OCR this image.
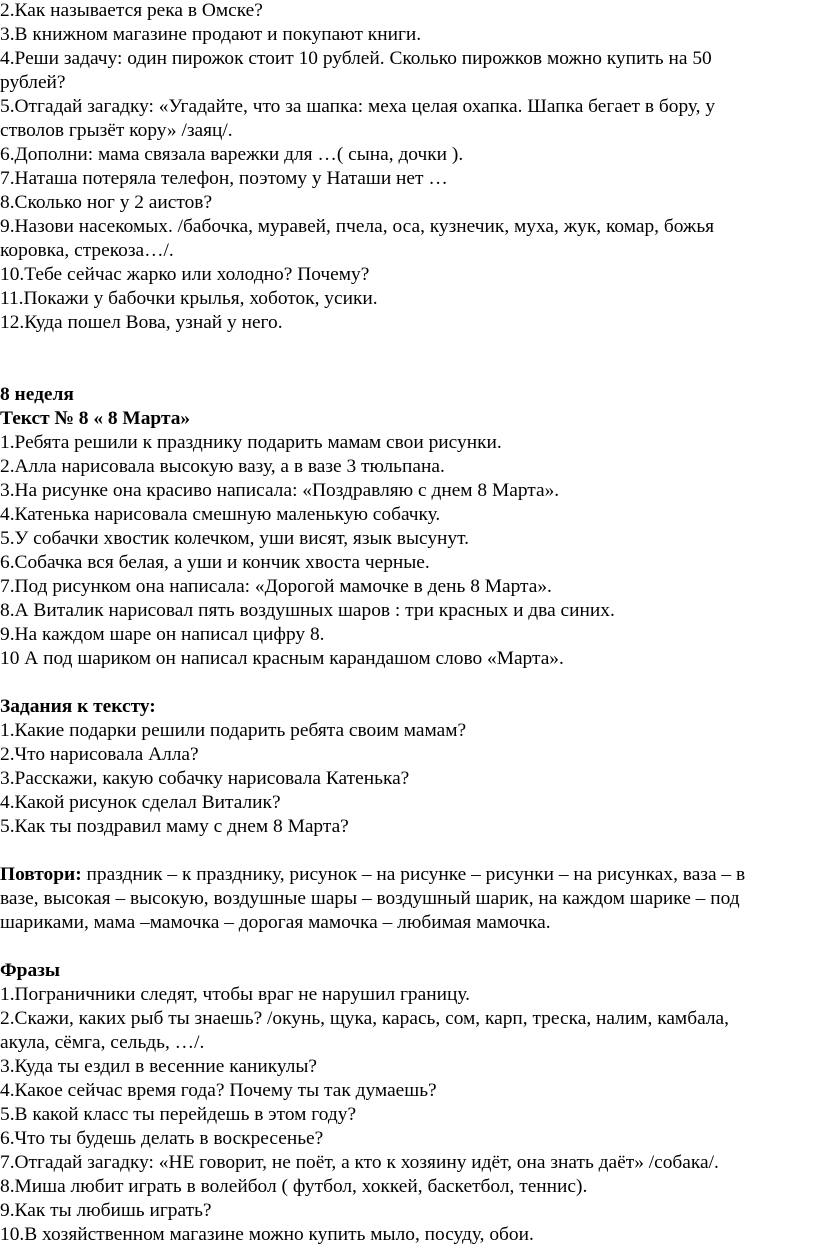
2.Как называется река в Омске?
3.В книжном магазине продают и покупают книги.
4.Реши задачу: один пирожок стоит 10 рублей. Сколько пирожков можно купить на 50
рублей?
5.Отгадай загадку: «Угадайте, что за шапка: меха целая охапка. Шапка бегает в бору, у
стволов грызёт кору» /заяц/.
6.Дополни: мама связала варежки для …( сына, дочки ).
7.Наташа потеряла телефон, поэтому у Наташи нет …
8.Сколько ног у 2 аистов?
9.Назови насекомых. /бабочка, муравей, пчела, оса, кузнечик, муха, жук, комар, божья
коровка, стрекоза…/.
10.Тебе сейчас жарко или холодно? Почему?
11.Покажи у бабочки крылья, хоботок, усики.
12.Куда пошел Вова, узнай у него.
8 неделя
Текст № 8 « 8 Марта»
1.Ребята решили к празднику подарить мамам свои рисунки.
2.Алла нарисовала высокую вазу, а в вазе 3 тюльпана.
3.На рисунке она красиво написала: «Поздравляю с днем 8 Марта».
4.Катенька нарисовала смешную маленькую собачку.
5.У собачки хвостик колечком, уши висят, язык высунут.
6.Собачка вся белая, а уши и кончик хвоста черные.
7.Под рисунком она написала: «Дорогой мамочке в день 8 Марта».
8.А Виталик нарисовал пять воздушных шаров : три красных и два синих.
9.На каждом шаре он написал цифру 8.
10 А под шариком он написал красным карандашом слово «Марта».
Задания к тексту:
1.Какие подарки решили подарить ребята своим мамам?
2.Что нарисовала Алла?
3.Расскажи, какую собачку нарисовала Катенька?
4.Какой рисунок сделал Виталик?
5.Как ты поздравил маму с днем 8 Марта?
Повтори: праздник – к празднику, рисунок – на рисунке – рисунки – на рисунках, ваза – в
вазе, высокая – высокую, воздушные шары – воздушный шарик, на каждом шарике – под
шариками, мама –мамочка – дорогая мамочка – любимая мамочка.
Фразы
1.Пограничники следят, чтобы враг не нарушил границу.
2.Скажи, каких рыб ты знаешь? /окунь, щука, карась, сом, карп, треска, налим, камбала,
акула, сёмга, сельдь, …/.
3.Куда ты ездил в весенние каникулы?
4.Какое сейчас время года? Почему ты так думаешь?
5.В какой класс ты перейдешь в этом году?
6.Что ты будешь делать в воскресенье?
7.Отгадай загадку: «НЕ говорит, не поёт, а кто к хозяину идёт, она знать даёт» /собака/.
8.Миша любит играть в волейбол ( футбол, хоккей, баскетбол, теннис).
9.Как ты любишь играть?
10.В хозяйственном магазине можно купить мыло, посуду, обои.
